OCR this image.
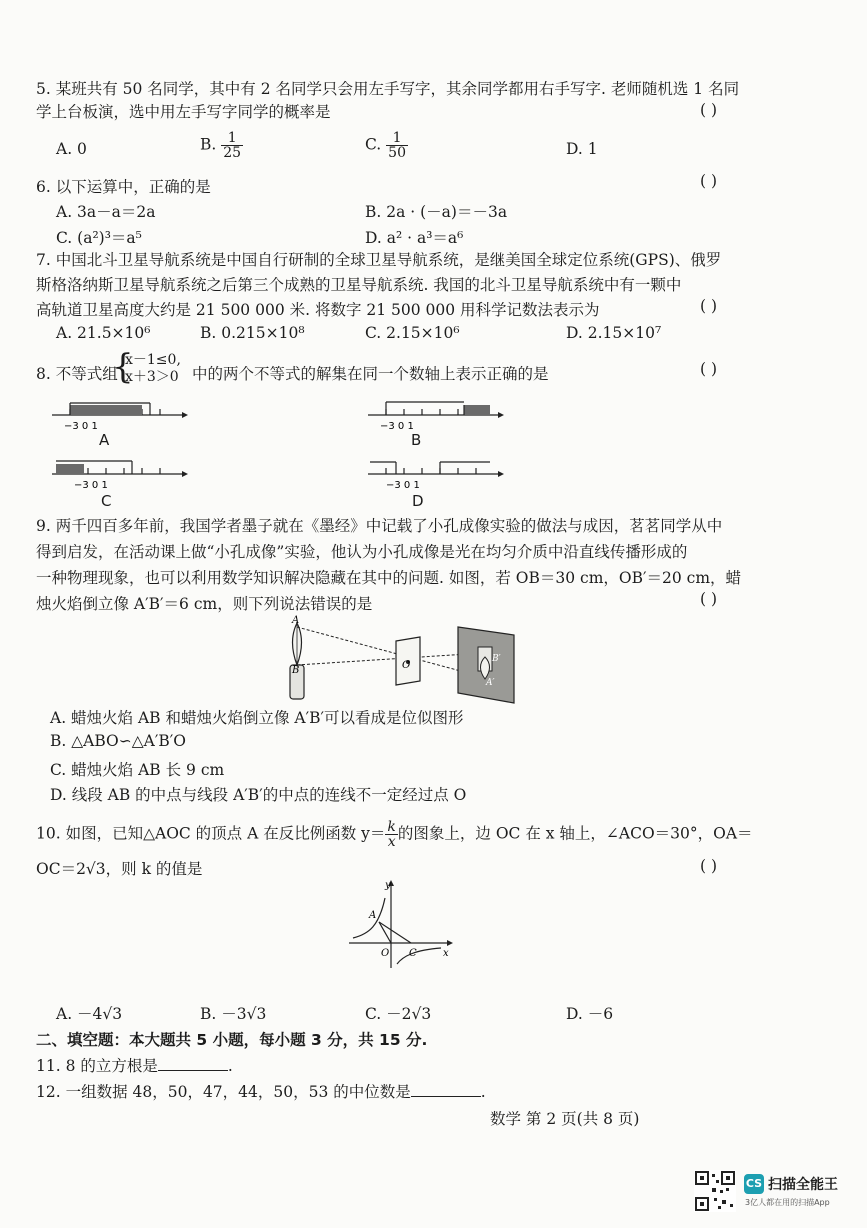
5. 某班共有 50 名同学，其中有 2 名同学只会用左手写字，其余同学都用右手写字. 老师随机选 1 名同
学上台板演，选中用左手写字同学的概率是	( )
A. 0	B. $\frac{1}{25}$	C. $\frac{1}{50}$	D. 1
6. 以下运算中，正确的是	( )
A. 3a－a＝2a	B. 2a · (－a)＝－3a
C. (a²)³＝a⁵	D. a² · a³＝a⁶
7. 中国北斗卫星导航系统是中国自行研制的全球卫星导航系统，是继美国全球定位系统(GPS)、俄罗
斯格洛纳斯卫星导航系统之后第三个成熟的卫星导航系统. 我国的北斗卫星导航系统中有一颗中
高轨道卫星高度大约是 21 500 000 米. 将数字 21 500 000 用科学记数法表示为	( )
A. 21.5×10⁶	B. 0.215×10⁸	C. 2.15×10⁶	D. 2.15×10⁷
8. 不等式组
{
x－1≤0,
x＋3＞0 中的两个不等式的解集在同一个数轴上表示正确的是	( )
−3 0 1
A
−3 0 1
B
−3 0 1
C
−3 0 1
D
9. 两千四百多年前，我国学者墨子就在《墨经》中记载了小孔成像实验的做法与成因，茗茗同学从中
得到启发，在活动课上做“小孔成像”实验，他认为小孔成像是光在均匀介质中沿直线传播形成的
一种物理现象，也可以利用数学知识解决隐藏在其中的问题. 如图，若 OB＝30 cm，OB′＝20 cm，蜡
烛火焰倒立像 A′B′＝6 cm，则下列说法错误的是	( )
A
B	O
B′
A′
A. 蜡烛火焰 AB 和蜡烛火焰倒立像 A′B′可以看成是位似图形
B. △ABO∽△A′B′O
C. 蜡烛火焰 AB 长 9 cm
D. 线段 AB 的中点与线段 A′B′的中点的连线不一定经过点 O
10. 如图，已知△AOC 的顶点 A 在反比例函数 $y= \frac{k}{x}$ 的图象上，边 OC 在 x 轴上，∠ACO＝30°，OA＝
OC＝2√3，则 k 的值是	( )
y
A
O C	x
A. －4√3	B. －3√3	C. －2√3	D. －6
二、填空题：本大题共 5 小题，每小题 3 分，共 15 分.
11. 8 的立方根是	.
12. 一组数据 48，50，47，44，50，53 的中位数是	.
数学 第 2 页(共 8 页)
CS 扫描全能王
3亿人都在用的扫描App
